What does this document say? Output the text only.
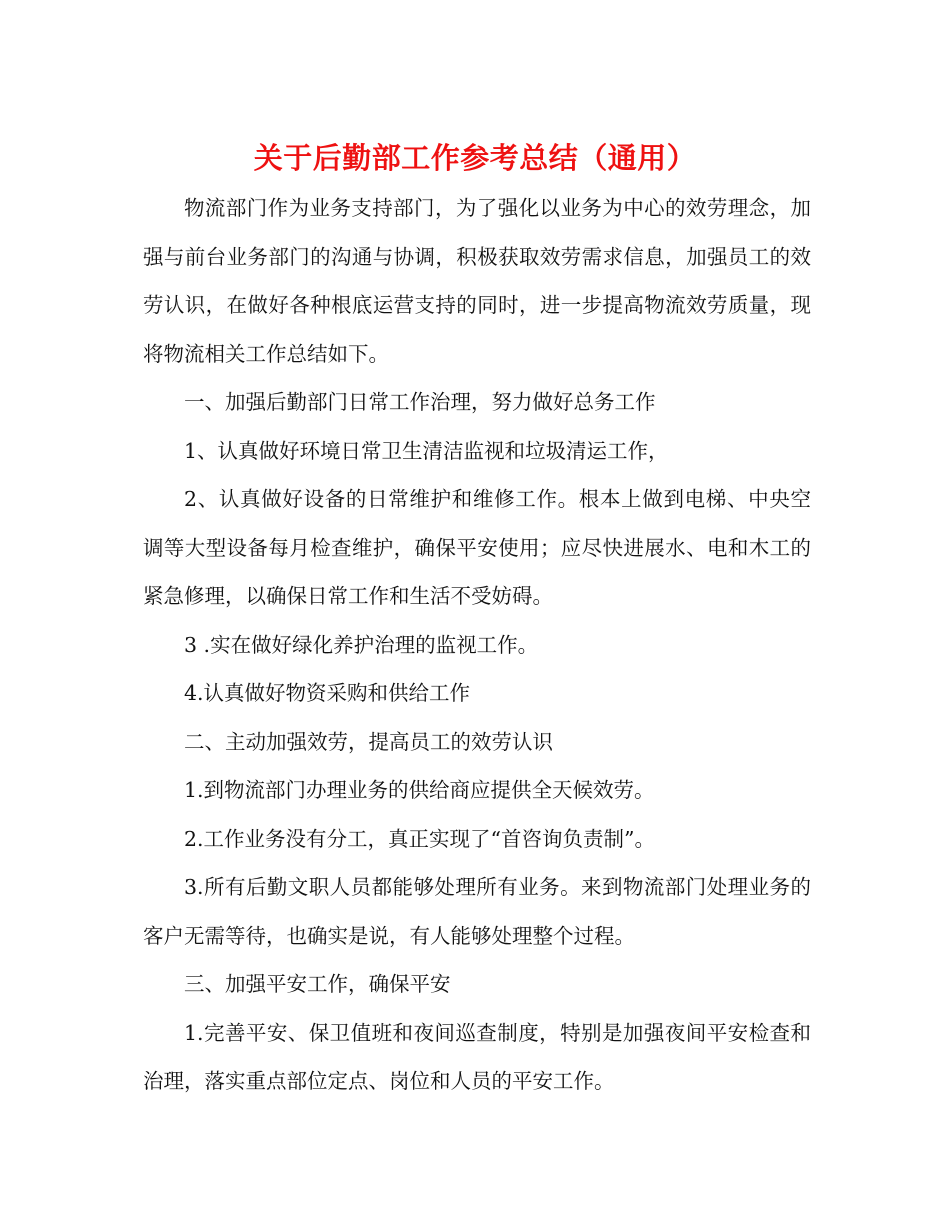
关于后勤部工作参考总结（通用）

物流部门作为业务支持部门，为了强化以业务为中心的效劳理念，加强与前台业务部门的沟通与协调，积极获取效劳需求信息，加强员工的效劳认识，在做好各种根底运营支持的同时，进一步提高物流效劳质量，现将物流相关工作总结如下。

一、加强后勤部门日常工作治理，努力做好总务工作

1、认真做好环境日常卫生清洁监视和垃圾清运工作，

2、认真做好设备的日常维护和维修工作。根本上做到电梯、中央空调等大型设备每月检查维护，确保平安使用；应尽快进展水、电和木工的紧急修理，以确保日常工作和生活不受妨碍。

3 .实在做好绿化养护治理的监视工作。

4.认真做好物资采购和供给工作

二、主动加强效劳，提高员工的效劳认识

1.到物流部门办理业务的供给商应提供全天候效劳。

2.工作业务没有分工，真正实现了“首咨询负责制”。

3.所有后勤文职人员都能够处理所有业务。来到物流部门处理业务的客户无需等待，也确实是说，有人能够处理整个过程。

三、加强平安工作，确保平安

1.完善平安、保卫值班和夜间巡查制度，特别是加强夜间平安检查和治理，落实重点部位定点、岗位和人员的平安工作。
